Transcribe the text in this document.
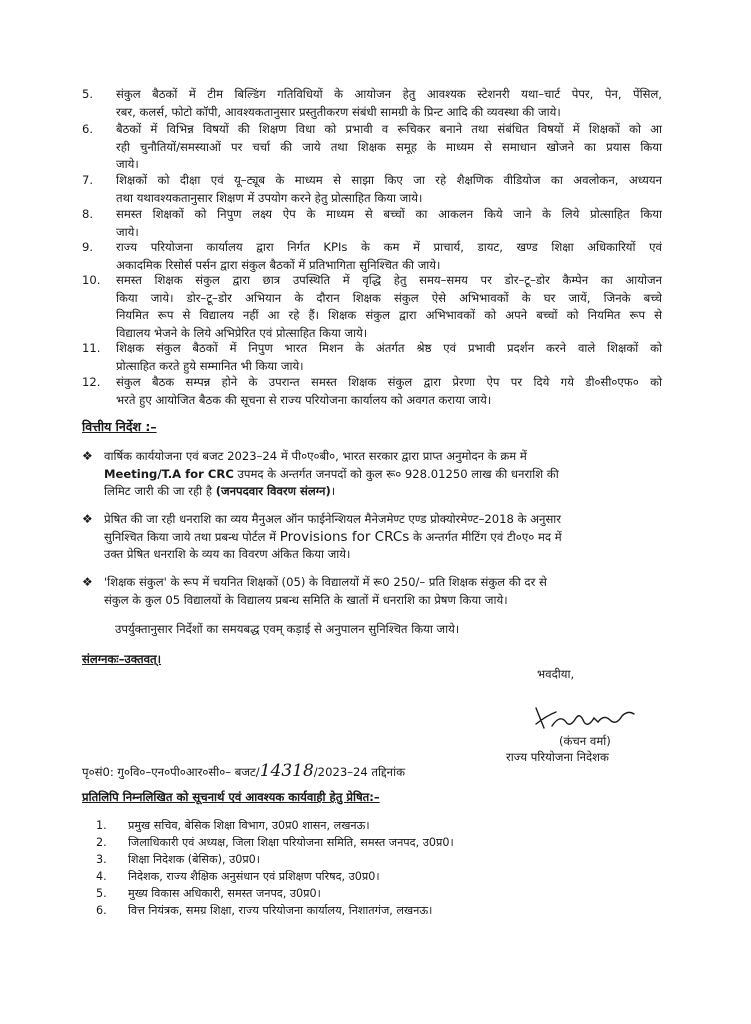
5.	संकुल बैठकों में टीम बिल्डिंग गतिविधियों के आयोजन हेतु आवश्यक स्टेशनरी यथा–चार्ट पेपर, पेन, पेंसिल,
रबर, कलर्स, फोटो कॉपी, आवश्यकतानुसार प्रस्तुतीकरण संबंधी सामग्री के प्रिन्ट आदि की व्यवस्था की जाये।
6.	बैठकों में विभिन्न विषयों की शिक्षण विधा को प्रभावी व रूचिकर बनाने तथा संबंधित विषयों में शिक्षकों को आ
रही चुनौतियों/समस्याओं पर चर्चा की जाये तथा शिक्षक समूह के माध्यम से समाधान खोजने का प्रयास किया
जाये।
7.	शिक्षकों को दीक्षा एवं यू–ट्यूब के माध्यम से साझा किए जा रहे शैक्षणिक वीडियोज का अवलोकन, अध्ययन
तथा यथावश्यकतानुसार शिक्षण में उपयोग करने हेतु प्रोत्साहित किया जाये।
8.	समस्त शिक्षकों को निपुण लक्ष्य ऐप के माध्यम से बच्चों का आकलन किये जाने के लिये प्रोत्साहित किया
जाये।
9.	राज्य परियोजना कार्यालय द्वारा निर्गत KPIs के कम में प्राचार्य, डायट, खण्ड शिक्षा अधिकारियों एवं
अकादमिक रिसोर्स पर्सन द्वारा संकुल बैठकों में प्रतिभागिता सुनिश्चित की जाये।
10.	समस्त शिक्षक संकुल द्वारा छात्र उपस्थिति में वृद्धि हेतु समय–समय पर डोर–टू–डोर कैम्पेन का आयोजन
किया जाये। डोर–टू–डोर अभियान के दौरान शिक्षक संकुल ऐसे अभिभावकों के घर जायें, जिनके बच्चे
नियमित रूप से विद्यालय नहीं आ रहे हैं। शिक्षक संकुल द्वारा अभिभावकों को अपने बच्चों को नियमित रूप से
विद्यालय भेजने के लिये अभिप्रेरित एवं प्रोत्साहित किया जाये।
11.	शिक्षक संकुल बैठकों में निपुण भारत मिशन के अंतर्गत श्रेष्ठ एवं प्रभावी प्रदर्शन करने वाले शिक्षकों को
प्रोत्साहित करते हुये सम्मानित भी किया जाये।
12.	संकुल बैठक सम्पन्न होने के उपरान्त समस्त शिक्षक संकुल द्वारा प्रेरणा ऐप पर दिये गये डी०सी०एफ० को
भरते हुए आयोजित बैठक की सूचना से राज्य परियोजना कार्यालय को अवगत कराया जाये।
वित्तीय निर्देश :–
❖ वार्षिक कार्ययोजना एवं बजट 2023–24 में पी०ए०बी०, भारत सरकार द्वारा प्राप्त अनुमोदन के क्रम में
Meeting/T.A for CRC उपमद के अन्तर्गत जनपदों को कुल रू० 928.01250 लाख की धनराशि की
लिमिट जारी की जा रही है (जनपदवार विवरण संलग्न)।
❖ प्रेषित की जा रही धनराशि का व्यय मैनुअल ऑन फाईनेन्शियल मैनेजमेण्ट एण्ड प्रोक्योरमेण्ट–2018 के अनुसार
सुनिश्चित किया जाये तथा प्रबन्ध पोर्टल में Provisions for CRCs के अन्तर्गत मीटिंग एवं टी०ए० मद में
उक्त प्रेषित धनराशि के व्यय का विवरण अंकित किया जाये।
❖ 'शिक्षक संकुल' के रूप में चयनित शिक्षकों (05) के विद्यालयों में रू0 250/– प्रति शिक्षक संकुल की दर से
संकुल के कुल 05 विद्यालयों के विद्यालय प्रबन्ध समिति के खातों में धनराशि का प्रेषण किया जाये।
उपर्युक्तानुसार निर्देशों का समयबद्ध एवम् कड़ाई से अनुपालन सुनिश्चित किया जाये।
संलग्नकः–उक्तवत्।
भवदीया,
(कंचन वर्मा)
राज्य परियोजना निदेशक
पृ०सं0: गु०वि०–एन०पी०आर०सी०– बजट/14318/2023–24 तद्दिनांक
प्रतिलिपि निम्नलिखित को सूचनार्थ एवं आवश्यक कार्यवाही हेतु प्रेषित:–
1. प्रमुख सचिव, बेसिक शिक्षा विभाग, उ0प्र0 शासन, लखनऊ।
2. जिलाधिकारी एवं अध्यक्ष, जिला शिक्षा परियोजना समिति, समस्त जनपद, उ0प्र0।
3. शिक्षा निदेशक (बेसिक), उ0प्र0।
4. निदेशक, राज्य शैक्षिक अनुसंधान एवं प्रशिक्षण परिषद, उ0प्र0।
5. मुख्य विकास अधिकारी, समस्त जनपद, उ0प्र0।
6. वित्त नियंत्रक, समग्र शिक्षा, राज्य परियोजना कार्यालय, निशातगंज, लखनऊ।
